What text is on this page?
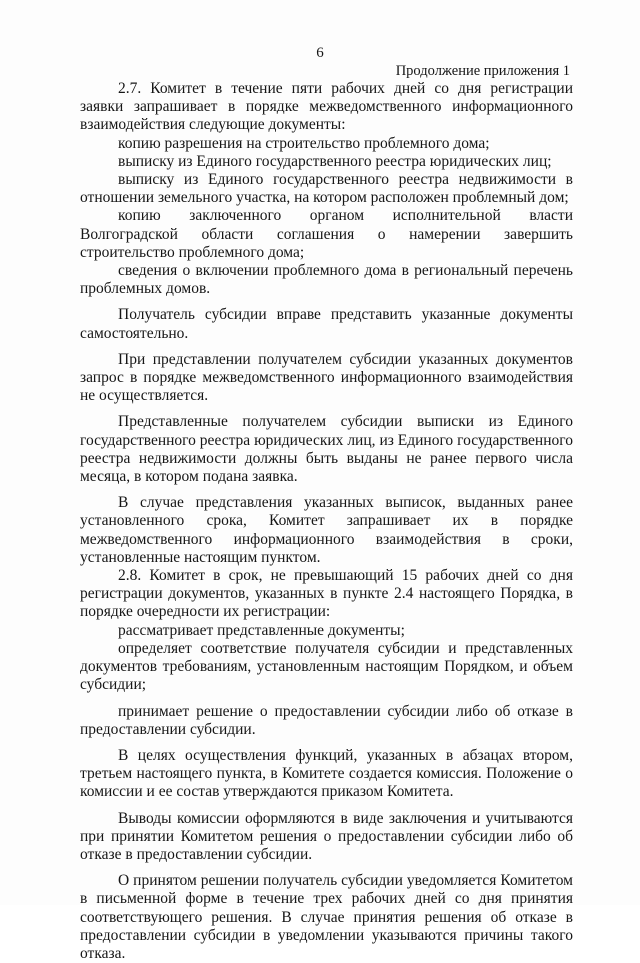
6
Продолжение приложения 1

2.7. Комитет в течение пяти рабочих дней со дня регистрации заявки запрашивает в порядке межведомственного информационного взаимодействия следующие документы:

копию разрешения на строительство проблемного дома;

выписку из Единого государственного реестра юридических лиц;

выписку из Единого государственного реестра недвижимости в отношении земельного участка, на котором расположен проблемный дом;

копию заключенного органом исполнительной власти Волгоградской области соглашения о намерении завершить строительство проблемного дома;

сведения о включении проблемного дома в региональный перечень проблемных домов.

Получатель субсидии вправе представить указанные документы самостоятельно.

При представлении получателем субсидии указанных документов запрос в порядке межведомственного информационного взаимодействия не осуществляется.

Представленные получателем субсидии выписки из Единого государственного реестра юридических лиц, из Единого государственного реестра недвижимости должны быть выданы не ранее первого числа месяца, в котором подана заявка.

В случае представления указанных выписок, выданных ранее установленного срока, Комитет запрашивает их в порядке межведомственного информационного взаимодействия в сроки, установленные настоящим пунктом.

2.8. Комитет в срок, не превышающий 15 рабочих дней со дня регистрации документов, указанных в пункте 2.4 настоящего Порядка, в порядке очередности их регистрации:

рассматривает представленные документы;

определяет соответствие получателя субсидии и представленных документов требованиям, установленным настоящим Порядком, и объем субсидии;

принимает решение о предоставлении субсидии либо об отказе в предоставлении субсидии.

В целях осуществления функций, указанных в абзацах втором, третьем настоящего пункта, в Комитете создается комиссия. Положение о комиссии и ее состав утверждаются приказом Комитета.

Выводы комиссии оформляются в виде заключения и учитываются при принятии Комитетом решения о предоставлении субсидии либо об отказе в предоставлении субсидии.

О принятом решении получатель субсидии уведомляется Комитетом в письменной форме в течение трех рабочих дней со дня принятия соответствующего решения. В случае принятия решения об отказе в предоставлении субсидии в уведомлении указываются причины такого отказа.
